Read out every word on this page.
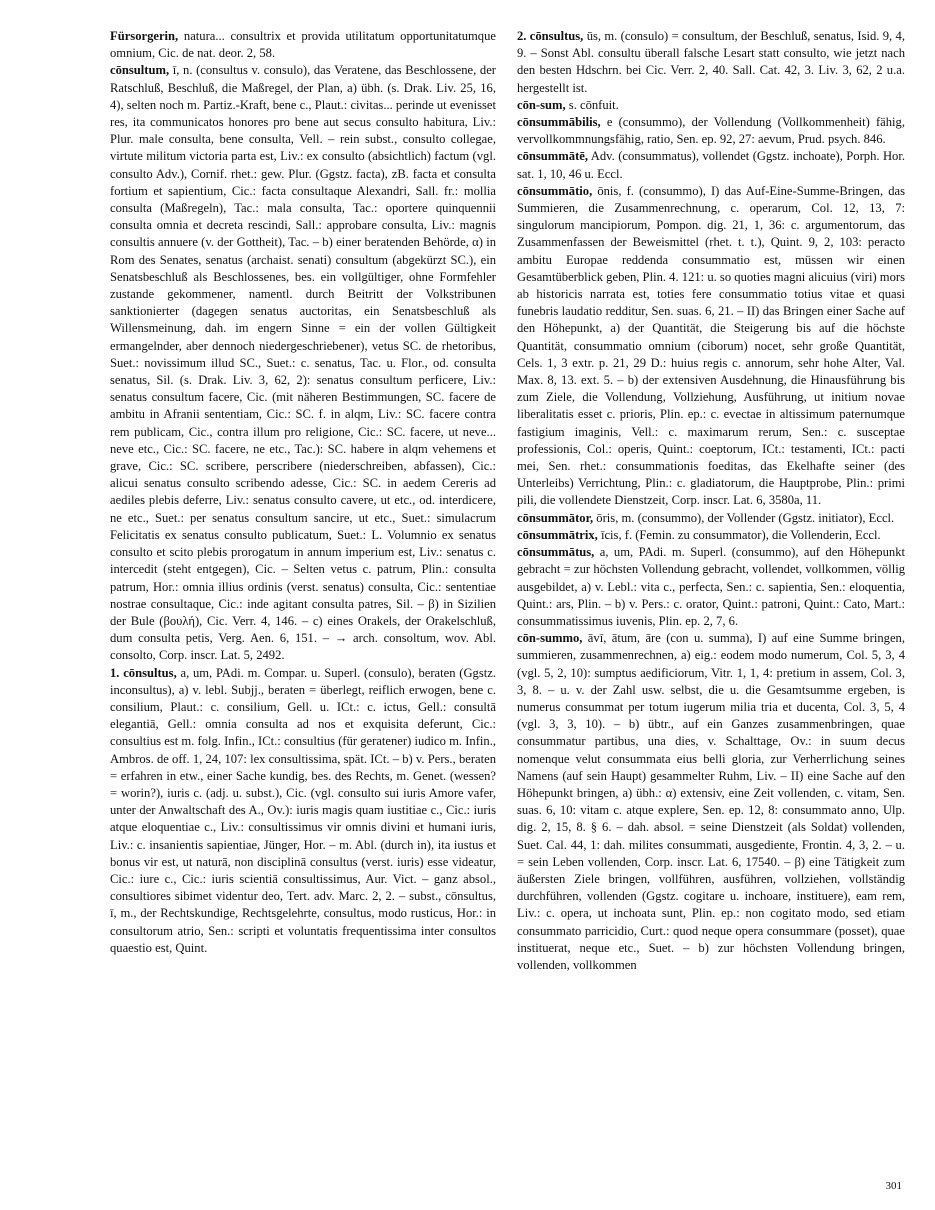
Fürsorgerin, natura... consultrix et provida utilitatum opportunitatumque omnium, Cic. de nat. deor. 2, 58.

cōnsultum, ī, n. (consultus v. consulo), das Veratene, das Beschlossene, der Ratschluß, Beschluß, die Maßregel, der Plan, a) übh. (s. Drak. Liv. 25, 16, 4), selten noch m. Partiz.-Kraft, bene c., Plaut.: civitas... perinde ut evenisset res, ita communicatos honores pro bene aut secus consulto habitura, Liv.: Plur. male consulta, bene consulta, Vell. – rein subst., consulto collegae, virtute militum victoria parta est, Liv.: ex consulto (absichtlich) factum (vgl. consulto Adv.), Cornif. rhet.: gew. Plur. (Ggstz. facta), zB. facta et consulta fortium et sapientium, Cic.: facta consultaque Alexandri, Sall. fr.: mollia consulta (Maßregeln), Tac.: mala consulta, Tac.: oportere quinquennii consulta omnia et decreta rescindi, Sall.: approbare consulta, Liv.: magnis consultis annuere (v. der Gottheit), Tac. – b) einer beratenden Behörde, α) in Rom des Senates, senatus (archaist. senati) consultum (abgekürzt SC.), ein Senatsbeschluß als Beschlossenes, bes. ein vollgültiger, ohne Formfehler zustande gekommener, namentl. durch Beitritt der Volkstribunen sanktionierter (dagegen senatus auctoritas, ein Senatsbeschluß als Willensmeinung, dah. im engern Sinne = ein der vollen Gültigkeit ermangelnder, aber dennoch niedergeschriebener), vetus SC. de rhetoribus, Suet.: novissimum illud SC., Suet.: c. senatus, Tac. u. Flor., od. consulta senatus, Sil. (s. Drak. Liv. 3, 62, 2): senatus consultum perficere, Liv.: senatus consultum facere, Cic. (mit näheren Bestimmungen, SC. facere de ambitu in Afranii sententiam, Cic.: SC. f. in alqm, Liv.: SC. facere contra rem publicam, Cic., contra illum pro religione, Cic.: SC. facere, ut neve... neve etc., Cic.: SC. facere, ne etc., Tac.): SC. habere in alqm vehemens et grave, Cic.: SC. scribere, perscribere (niederschreiben, abfassen), Cic.: alicui senatus consulto scribendo adesse, Cic.: SC. in aedem Cereris ad aediles plebis deferre, Liv.: senatus consulto cavere, ut etc., od. interdicere, ne etc., Suet.: per senatus consultum sancire, ut etc., Suet.: simulacrum Felicitatis ex senatus consulto publicatum, Suet.: L. Volumnio ex senatus consulto et scito plebis prorogatum in annum imperium est, Liv.: senatus c. intercedit (steht entgegen), Cic. – Selten vetus c. patrum, Plin.: consulta patrum, Hor.: omnia illius ordinis (verst. senatus) consulta, Cic.: sententiae nostrae consultaque, Cic.: inde agitant consulta patres, Sil. – β) in Sizilien der Bule (βουλή), Cic. Verr. 4, 146. – c) eines Orakels, der Orakelschluß, dum consulta petis, Verg. Aen. 6, 151. – → arch. consoltum, wov. Abl. consolto, Corp. inscr. Lat. 5, 2492.

1. cōnsultus, a, um, PAdi. m. Compar. u. Superl. (consulo), beraten (Ggstz. inconsultus), a) v. lebl. Subjj., beraten = überlegt, reiflich erwogen, bene c. consilium, Plaut.: c. consilium, Gell. u. ICt.: c. ictus, Gell.: consultā elegantiā, Gell.: omnia consulta ad nos et exquisita deferunt, Cic.: consultius est m. folg. Infin., ICt.: consultius (für geratener) iudico m. Infin., Ambros. de off. 1, 24, 107: lex consultissima, spät. ICt. – b) v. Pers., beraten = erfahren in etw., einer Sache kundig, bes. des Rechts, m. Genet. (wessen? = worin?), iuris c. (adj. u. subst.), Cic. (vgl. consulto sui iuris Amore vafer, unter der Anwaltschaft des A., Ov.): iuris magis quam iustitiae c., Cic.: iuris atque eloquentiae c., Liv.: consultissimus vir omnis divini et humani iuris, Liv.: c. insanientis sapientiae, Jünger, Hor. – m. Abl. (durch in), ita iustus et bonus vir est, ut naturā, non disciplinā consultus (verst. iuris) esse videatur, Cic.: iure c., Cic.: iuris scientiā consultissimus, Aur. Vict. – ganz absol., consultiores sibimet videntur deo, Tert. adv. Marc. 2, 2. – subst., cōnsultus, ī, m., der Rechtskundige, Rechtsgelehrte, consultus, modo rusticus, Hor.: in consultorum atrio, Sen.: scripti et voluntatis frequentissima inter consultos quaestio est, Quint.

2. cōnsultus, ūs, m. (consulo) = consultum, der Beschluß, senatus, Isid. 9, 4, 9. – Sonst Abl. consultu überall falsche Lesart statt consulto, wie jetzt nach den besten Hdschrn. bei Cic. Verr. 2, 40. Sall. Cat. 42, 3. Liv. 3, 62, 2 u.a. hergestellt ist.

cōn-sum, s. cōnfuit.

cōnsummābilis, e (consummo), der Vollendung (Vollkommenheit) fähig, vervollkommnungsfähig, ratio, Sen. ep. 92, 27: aevum, Prud. psych. 846.

cōnsummātē, Adv. (consummatus), vollendet (Ggstz. inchoate), Porph. Hor. sat. 1, 10, 46 u. Eccl.

cōnsummātio, ōnis, f. (consummo), I) das Auf-Eine-Summe-Bringen, das Summieren, die Zusammenrechnung, c. operarum, Col. 12, 13, 7: singulorum mancipiorum, Pompon. dig. 21, 1, 36: c. argumentorum, das Zusammenfassen der Beweismittel (rhet. t. t.), Quint. 9, 2, 103: peracto ambitu Europae reddenda consummatio est, müssen wir einen Gesamtüberblick geben, Plin. 4. 121: u. so quoties magni alicuius (viri) mors ab historicis narrata est, toties fere consummatio totius vitae et quasi funebris laudatio redditur, Sen. suas. 6, 21. – II) das Bringen einer Sache auf den Höhepunkt, a) der Quantität, die Steigerung bis auf die höchste Quantität, consummatio omnium (ciborum) nocet, sehr große Quantität, Cels. 1, 3 extr. p. 21, 29 D.: huius regis c. annorum, sehr hohe Alter, Val. Max. 8, 13. ext. 5. – b) der extensiven Ausdehnung, die Hinausführung bis zum Ziele, die Vollendung, Vollziehung, Ausführung, ut initium novae liberalitatis esset c. prioris, Plin. ep.: c. evectae in altissimum paternumque fastigium imaginis, Vell.: c. maximarum rerum, Sen.: c. susceptae professionis, Col.: operis, Quint.: coeptorum, ICt.: testamenti, ICt.: pacti mei, Sen. rhet.: consummationis foeditas, das Ekelhafte seiner (des Unterleibs) Verrichtung, Plin.: c. gladiatorum, die Hauptprobe, Plin.: primi pili, die vollendete Dienstzeit, Corp. inscr. Lat. 6, 3580a, 11.

cōnsummātor, ōris, m. (consummo), der Vollender (Ggstz. initiator), Eccl.

cōnsummātrix, īcis, f. (Femin. zu consummator), die Vollenderin, Eccl.

cōnsummātus, a, um, PAdi. m. Superl. (consummo), auf den Höhepunkt gebracht = zur höchsten Vollendung gebracht, vollendet, vollkommen, völlig ausgebildet, a) v. Lebl.: vita c., perfecta, Sen.: c. sapientia, Sen.: eloquentia, Quint.: ars, Plin. – b) v. Pers.: c. orator, Quint.: patroni, Quint.: Cato, Mart.: consummatissimus iuvenis, Plin. ep. 2, 7, 6.

cōn-summo, āvī, ātum, āre (con u. summa), I) auf eine Summe bringen, summieren, zusammenrechnen, a) eig.: eodem modo numerum, Col. 5, 3, 4 (vgl. 5, 2, 10): sumptus aedificiorum, Vitr. 1, 1, 4: pretium in assem, Col. 3, 3, 8. – u. v. der Zahl usw. selbst, die u. die Gesamtsumme ergeben, is numerus consummat per totum iugerum milia tria et ducenta, Col. 3, 5, 4 (vgl. 3, 3, 10). – b) übtr., auf ein Ganzes zusammenbringen, quae consummatur partibus, una dies, v. Schalttage, Ov.: in suum decus nomenque velut consummata eius belli gloria, zur Verherrlichung seines Namens (auf sein Haupt) gesammelter Ruhm, Liv. – II) eine Sache auf den Höhepunkt bringen, a) übh.: α) extensiv, eine Zeit vollenden, c. vitam, Sen. suas. 6, 10: vitam c. atque explere, Sen. ep. 12, 8: consummato anno, Ulp. dig. 2, 15, 8. § 6. – dah. absol. = seine Dienstzeit (als Soldat) vollenden, Suet. Cal. 44, 1: dah. milites consummati, ausgediente, Frontin. 4, 3, 2. – u. = sein Leben vollenden, Corp. inscr. Lat. 6, 17540. – β) eine Tätigkeit zum äußersten Ziele bringen, vollführen, ausführen, vollziehen, vollständig durchführen, vollenden (Ggstz. cogitare u. inchoare, instituere), eam rem, Liv.: c. opera, ut inchoata sunt, Plin. ep.: non cogitato modo, sed etiam consummato parricidio, Curt.: quod neque opera consummare (posset), quae instituerat, neque etc., Suet. – b) zur höchsten Vollendung bringen, vollenden, vollkommen

301
